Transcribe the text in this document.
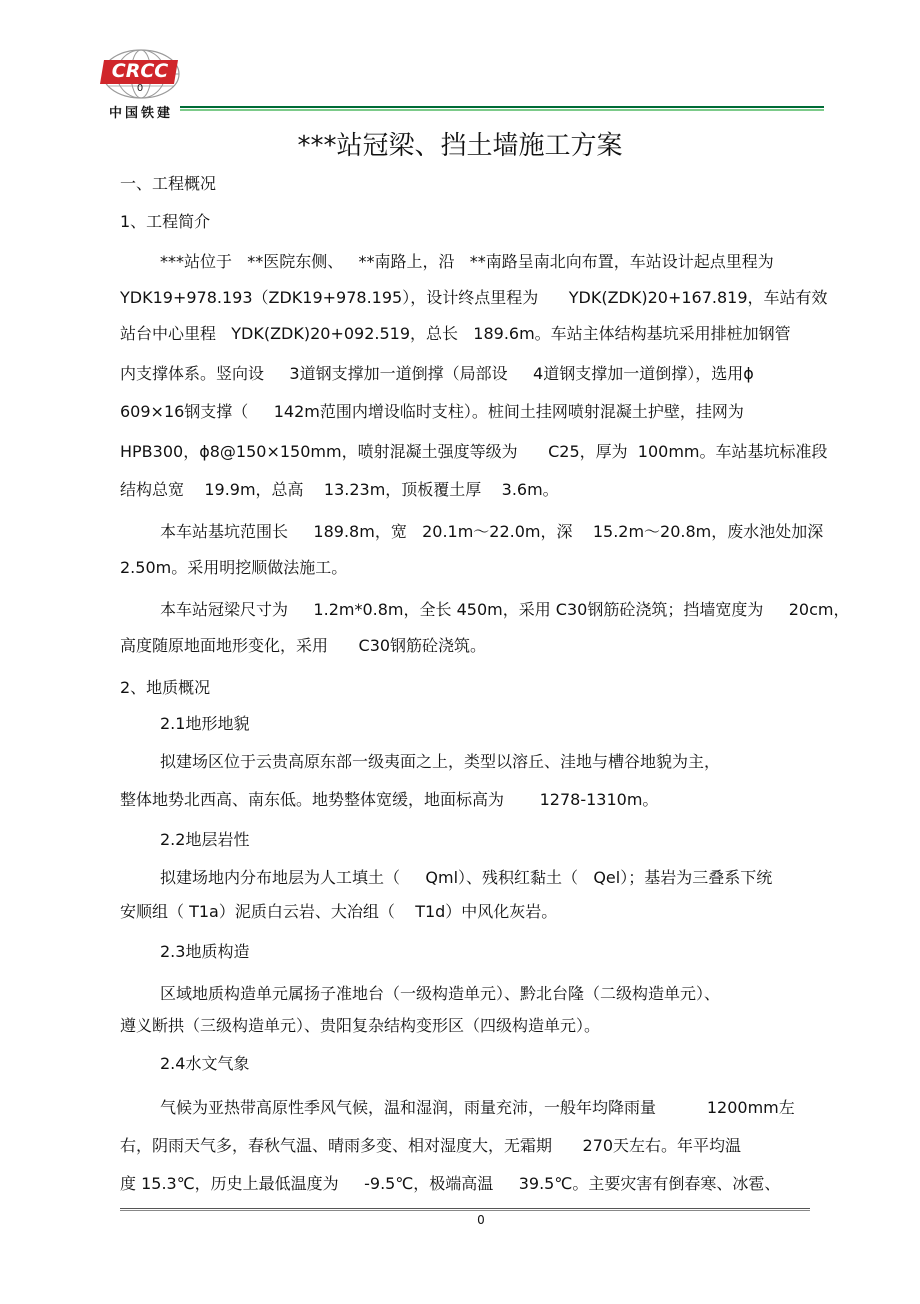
CRCC
0
中国铁建
***站冠梁、挡土墙施工方案
一、工程概况
1、工程简介
***站位于   **医院东侧、   **南路上，沿   **南路呈南北向布置，车站设计起点里程为
YDK19+978.193（ZDK19+978.195），设计终点里程为      YDK(ZDK)20+167.819，车站有效
站台中心里程   YDK(ZDK)20+092.519，总长   189.6m。车站主体结构基坑采用排桩加钢管
内支撑体系。竖向设     3道钢支撑加一道倒撑（局部设     4道钢支撑加一道倒撑），选用ϕ
609×16钢支撑（     142m范围内增设临时支柱）。桩间土挂网喷射混凝土护壁，挂网为
HPB300，ϕ8@150×150mm，喷射混凝土强度等级为      C25，厚为  100mm。车站基坑标准段
结构总宽    19.9m，总高    13.23m，顶板覆土厚    3.6m。
本车站基坑范围长     189.8m，宽   20.1m～22.0m，深    15.2m～20.8m，废水池处加深
2.50m。采用明挖顺做法施工。
本车站冠梁尺寸为     1.2m*0.8m，全长 450m，采用 C30钢筋砼浇筑；挡墙宽度为     20cm，
高度随原地面地形变化，采用      C30钢筋砼浇筑。
2、地质概况
2.1地形地貌
拟建场区位于云贵高原东部一级夷面之上，类型以溶丘、洼地与槽谷地貌为主，
整体地势北西高、南东低。地势整体宽缓，地面标高为       1278-1310m。
2.2地层岩性
拟建场地内分布地层为人工填土（     Qml）、残积红黏土（   Qel）；基岩为三叠系下统
安顺组（ T1a）泥质白云岩、大冶组（    T1d）中风化灰岩。
2.3地质构造
区域地质构造单元属扬子准地台（一级构造单元）、黔北台隆（二级构造单元）、
遵义断拱（三级构造单元）、贵阳复杂结构变形区（四级构造单元）。
2.4水文气象
气候为亚热带高原性季风气候，温和湿润，雨量充沛，一般年均降雨量          1200mm左
右，阴雨天气多，春秋气温、晴雨多变、相对湿度大，无霜期      270天左右。年平均温
度 15.3℃，历史上最低温度为     -9.5℃，极端高温     39.5℃。主要灾害有倒春寒、冰雹、
0
